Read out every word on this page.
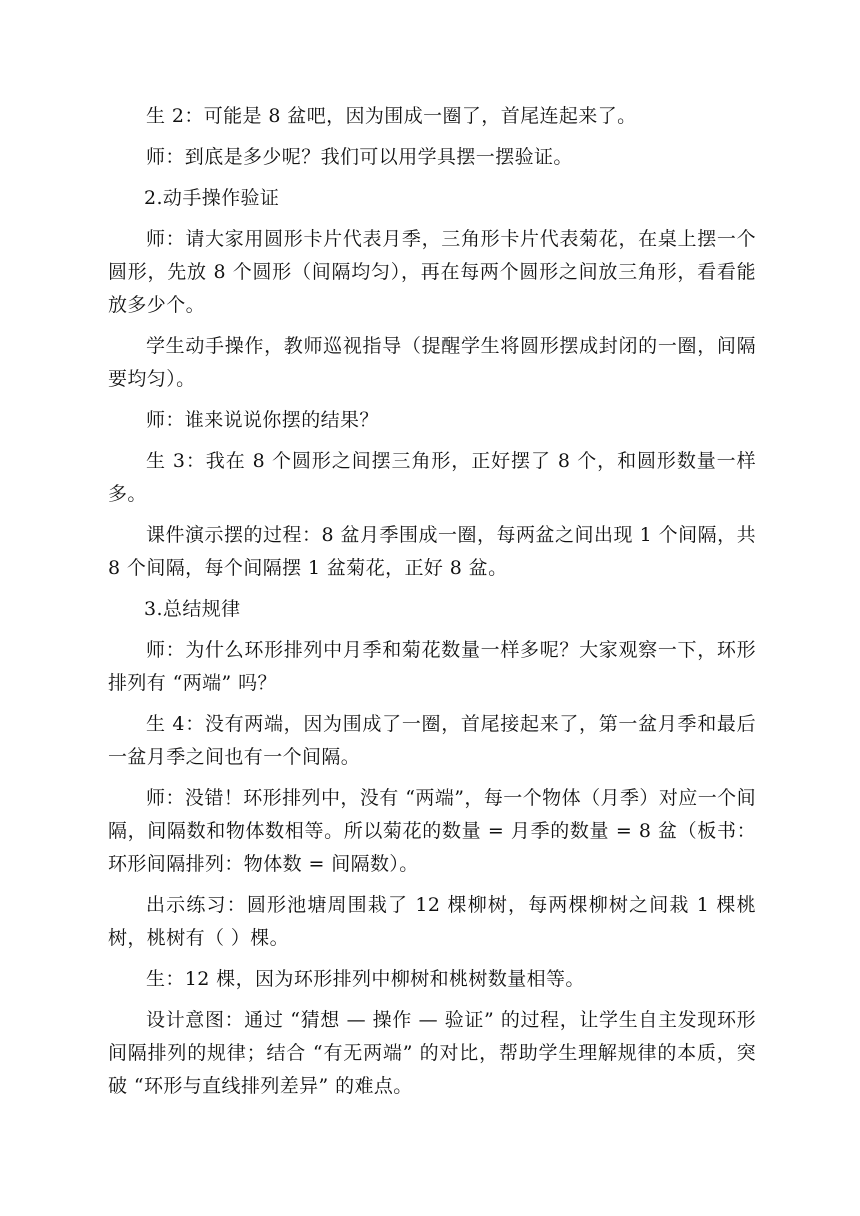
生 2：可能是 8 盆吧，因为围成一圈了，首尾连起来了。

师：到底是多少呢？我们可以用学具摆一摆验证。

2.动手操作验证

师：请大家用圆形卡片代表月季，三角形卡片代表菊花，在桌上摆一个圆形，先放 8 个圆形（间隔均匀），再在每两个圆形之间放三角形，看看能放多少个。

学生动手操作，教师巡视指导（提醒学生将圆形摆成封闭的一圈，间隔要均匀）。

师：谁来说说你摆的结果？

生 3：我在 8 个圆形之间摆三角形，正好摆了 8 个，和圆形数量一样多。

课件演示摆的过程：8 盆月季围成一圈，每两盆之间出现 1 个间隔，共 8 个间隔，每个间隔摆 1 盆菊花，正好 8 盆。

3.总结规律

师：为什么环形排列中月季和菊花数量一样多呢？大家观察一下，环形排列有 “两端” 吗？

生 4：没有两端，因为围成了一圈，首尾接起来了，第一盆月季和最后一盆月季之间也有一个间隔。

师：没错！环形排列中，没有 “两端”，每一个物体（月季）对应一个间隔，间隔数和物体数相等。所以菊花的数量 = 月季的数量 = 8 盆（板书：环形间隔排列：物体数 = 间隔数）。

出示练习：圆形池塘周围栽了 12 棵柳树，每两棵柳树之间栽 1 棵桃树，桃树有（ ）棵。

生：12 棵，因为环形排列中柳树和桃树数量相等。

设计意图：通过 “猜想 — 操作 — 验证” 的过程，让学生自主发现环形间隔排列的规律；结合 “有无两端” 的对比，帮助学生理解规律的本质，突破 “环形与直线排列差异” 的难点。
